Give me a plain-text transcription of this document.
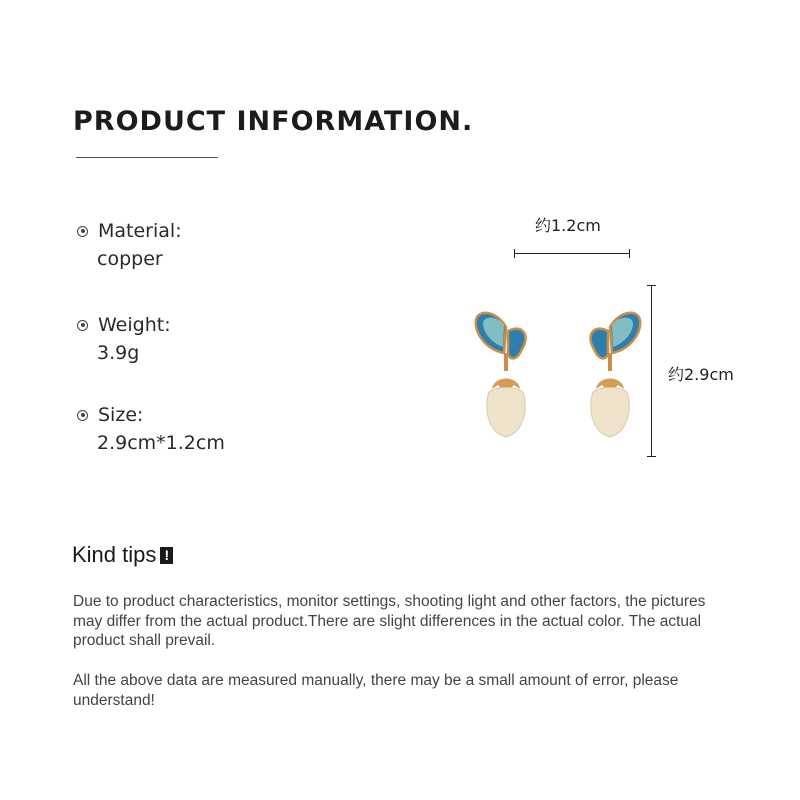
PRODUCT INFORMATION.
Material:
copper
Weight:
3.9g
Size:
2.9cm*1.2cm
约1.2cm
约2.9cm
Kind tips !
Due to product characteristics, monitor settings, shooting light and other factors, the pictures may differ from the actual product.There are slight differences in the actual color. The actual product shall prevail.
All the above data are measured manually, there may be a small amount of error, please understand!
